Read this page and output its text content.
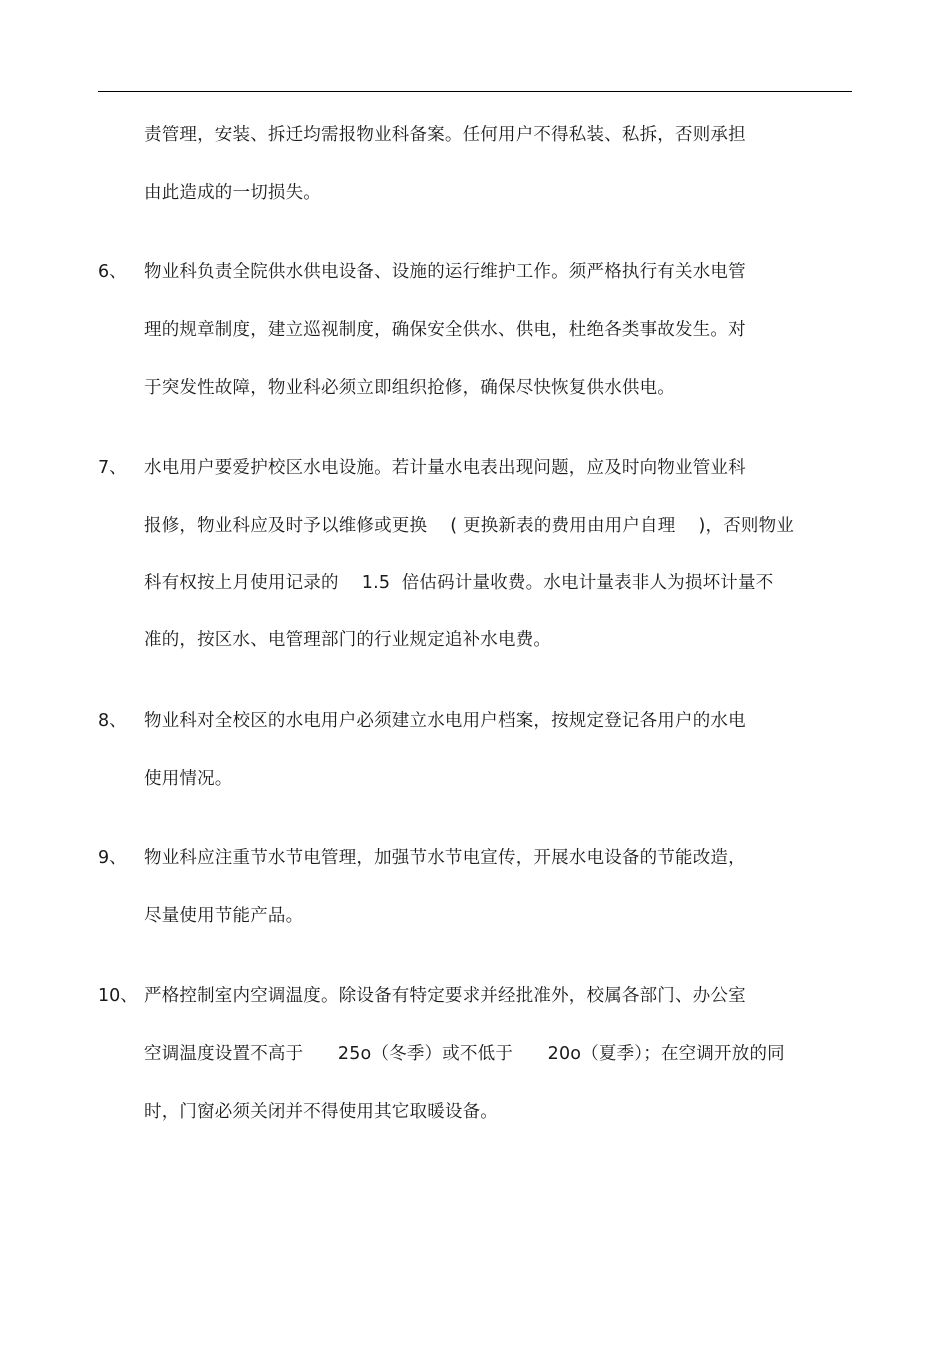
责管理，安装、拆迁均需报物业科备案。任何用户不得私装、私拆，否则承担
由此造成的一切损失。
6、 物业科负责全院供水供电设备、设施的运行维护工作。须严格执行有关水电管
理的规章制度，建立巡视制度，确保安全供水、供电，杜绝各类事故发生。对
于突发性故障，物业科必须立即组织抢修，确保尽快恢复供水供电。
7、 水电用户要爱护校区水电设施。若计量水电表出现问题，应及时向物业管业科
报修，物业科应及时予以维修或更换    ( 更换新表的费用由用户自理    )，否则物业
科有权按上月使用记录的    1.5  倍估码计量收费。水电计量表非人为损坏计量不
准的，按区水、电管理部门的行业规定追补水电费。
8、 物业科对全校区的水电用户必须建立水电用户档案，按规定登记各用户的水电
使用情况。
9、 物业科应注重节水节电管理，加强节水节电宣传，开展水电设备的节能改造，
尽量使用节能产品。
10、 严格控制室内空调温度。除设备有特定要求并经批准外，校属各部门、办公室
空调温度设置不高于      25o（冬季）或不低于      20o（夏季）；在空调开放的同
时，门窗必须关闭并不得使用其它取暖设备。
